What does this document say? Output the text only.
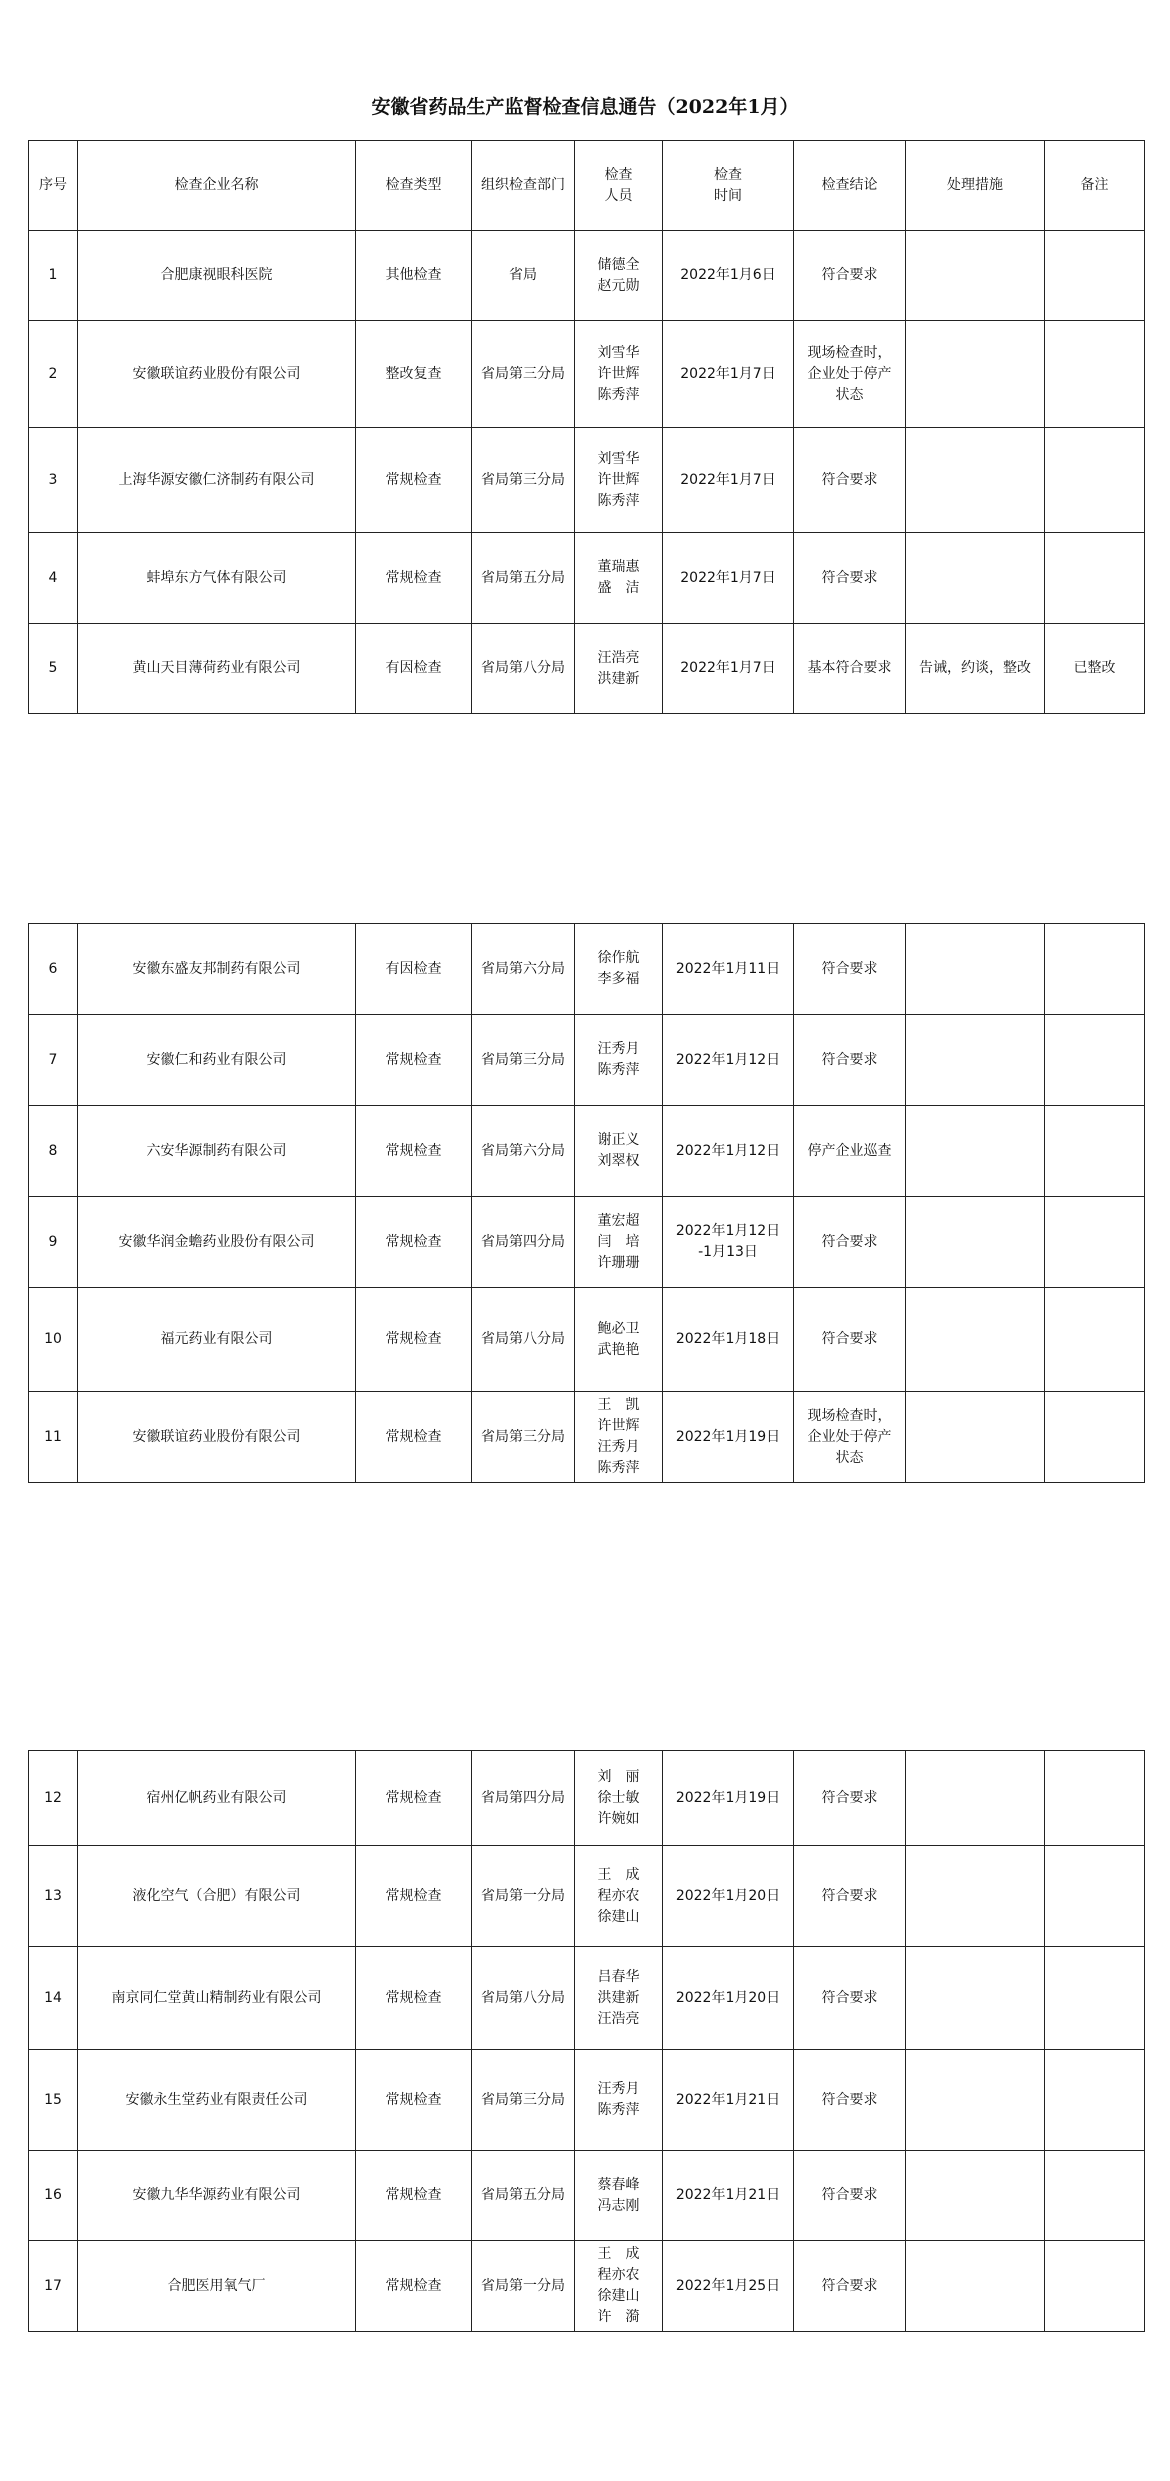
安徽省药品生产监督检查信息通告（2022年1月）
序号	检查企业名称	检查类型	组织检查部门	检查
人员	检查
时间	检查结论	处理措施	备注
1	合肥康视眼科医院	其他检查	省局	储德全
赵元勋	2022年1月6日	符合要求		
2	安徽联谊药业股份有限公司	整改复查	省局第三分局	刘雪华
许世辉
陈秀萍	2022年1月7日	现场检查时，
企业处于停产
状态		
3	上海华源安徽仁济制药有限公司	常规检查	省局第三分局	刘雪华
许世辉
陈秀萍	2022年1月7日	符合要求		
4	蚌埠东方气体有限公司	常规检查	省局第五分局	董瑞惠
盛　洁	2022年1月7日	符合要求		
5	黄山天目薄荷药业有限公司	有因检查	省局第八分局	汪浩亮
洪建新	2022年1月7日	基本符合要求	告诫，约谈，整改	已整改
6	安徽东盛友邦制药有限公司	有因检查	省局第六分局	徐作航
李多福	2022年1月11日	符合要求		
7	安徽仁和药业有限公司	常规检查	省局第三分局	汪秀月
陈秀萍	2022年1月12日	符合要求		
8	六安华源制药有限公司	常规检查	省局第六分局	谢正义
刘翠权	2022年1月12日	停产企业巡查		
9	安徽华润金蟾药业股份有限公司	常规检查	省局第四分局	董宏超
闫　培
许珊珊	2022年1月12日
-1月13日	符合要求		
10	福元药业有限公司	常规检查	省局第八分局	鲍必卫
武艳艳	2022年1月18日	符合要求		
11	安徽联谊药业股份有限公司	常规检查	省局第三分局	王　凯
许世辉
汪秀月
陈秀萍	2022年1月19日	现场检查时，
企业处于停产
状态		
12	宿州亿帆药业有限公司	常规检查	省局第四分局	刘　丽
徐士敏
许婉如	2022年1月19日	符合要求		
13	液化空气（合肥）有限公司	常规检查	省局第一分局	王　成
程亦农
徐建山	2022年1月20日	符合要求		
14	南京同仁堂黄山精制药业有限公司	常规检查	省局第八分局	吕春华
洪建新
汪浩亮	2022年1月20日	符合要求		
15	安徽永生堂药业有限责任公司	常规检查	省局第三分局	汪秀月
陈秀萍	2022年1月21日	符合要求		
16	安徽九华华源药业有限公司	常规检查	省局第五分局	蔡春峰
冯志刚	2022年1月21日	符合要求		
17	合肥医用氧气厂	常规检查	省局第一分局	王　成
程亦农
徐建山
许　漪	2022年1月25日	符合要求		
